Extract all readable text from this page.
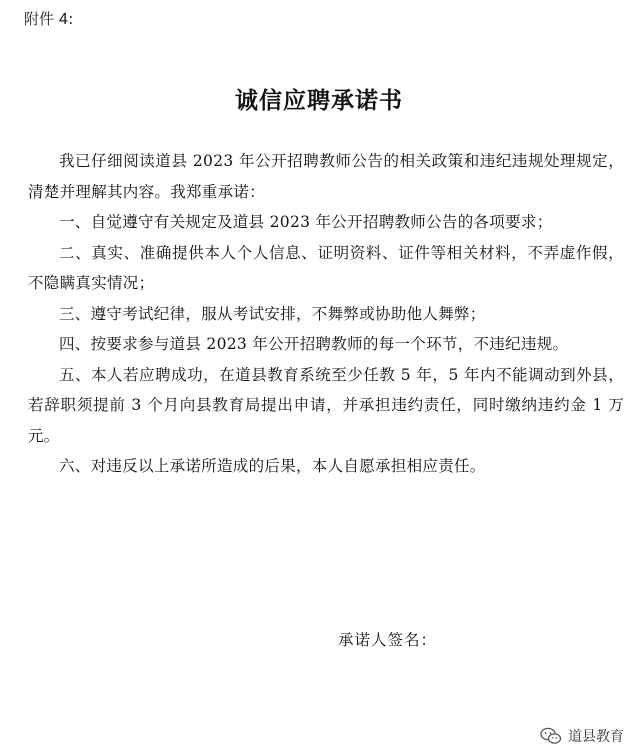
附件 4:
诚信应聘承诺书

我已仔细阅读道县 2023 年公开招聘教师公告的相关政策和违纪违规处理规定，清楚并理解其内容。我郑重承诺：

一、自觉遵守有关规定及道县 2023 年公开招聘教师公告的各项要求；

二、真实、准确提供本人个人信息、证明资料、证件等相关材料，不弄虚作假，不隐瞒真实情况；

三、遵守考试纪律，服从考试安排，不舞弊或协助他人舞弊；

四、按要求参与道县 2023 年公开招聘教师的每一个环节，不违纪违规。

五、本人若应聘成功，在道县教育系统至少任教 5 年，5 年内不能调动到外县，若辞职须提前 3 个月向县教育局提出申请，并承担违约责任，同时缴纳违约金 1 万元。

六、对违反以上承诺所造成的后果，本人自愿承担相应责任。

承诺人签名：
道县教育
